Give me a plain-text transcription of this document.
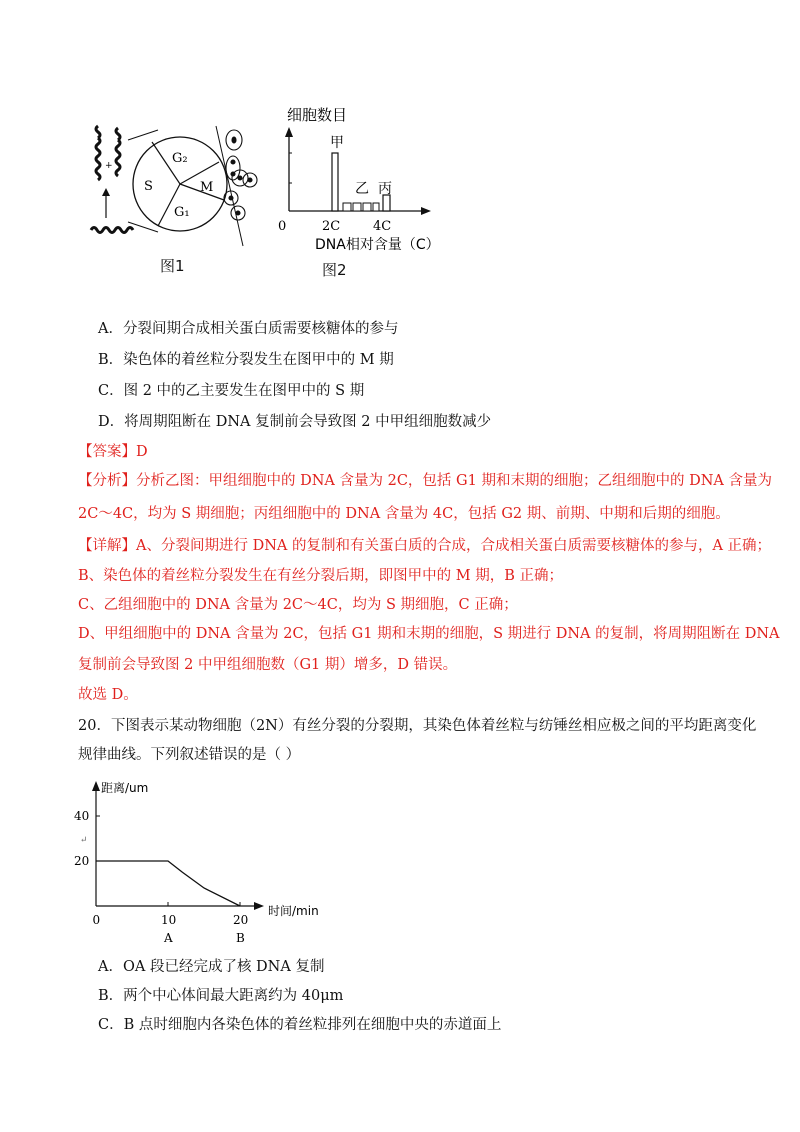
+	G₂
S	M
G₁
图1
细胞数目
甲
乙 丙
0	2C	4C
DNA相对含量（C）
图2
A．分裂间期合成相关蛋白质需要核糖体的参与
B．染色体的着丝粒分裂发生在图甲中的 M 期
C．图 2 中的乙主要发生在图甲中的 S 期
D．将周期阻断在 DNA 复制前会导致图 2 中甲组细胞数减少
【答案】D
【分析】分析乙图：甲组细胞中的 DNA 含量为 2C，包括 G1 期和末期的细胞；乙组细胞中的 DNA 含量为
2C～4C，均为 S 期细胞；丙组细胞中的 DNA 含量为 4C，包括 G2 期、前期、中期和后期的细胞。
【详解】A、分裂间期进行 DNA 的复制和有关蛋白质的合成，合成相关蛋白质需要核糖体的参与，A 正确；
B、染色体的着丝粒分裂发生在有丝分裂后期，即图甲中的 M 期，B 正确；
C、乙组细胞中的 DNA 含量为 2C～4C，均为 S 期细胞，C 正确；
D、甲组细胞中的 DNA 含量为 2C，包括 G1 期和末期的细胞，S 期进行 DNA 的复制，将周期阻断在 DNA
复制前会导致图 2 中甲组细胞数（G1 期）增多，D 错误。
故选 D。
20．下图表示某动物细胞（2N）有丝分裂的分裂期，其染色体着丝粒与纺锤丝相应极之间的平均距离变化
规律曲线。下列叙述错误的是（ ）
距离/um
时间/min
20
40
↵
0	10	20
A	B
A．OA 段已经完成了核 DNA 复制
B．两个中心体间最大距离约为 40μm
C．B 点时细胞内各染色体的着丝粒排列在细胞中央的赤道面上
